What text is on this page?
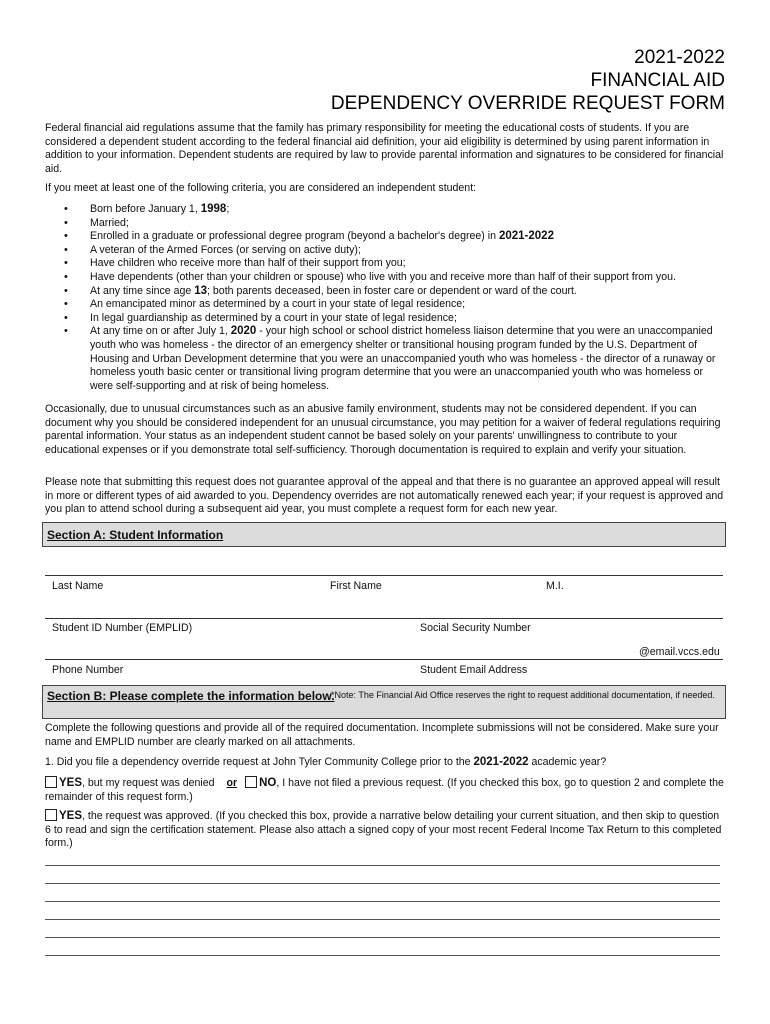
2021-2022
FINANCIAL AID
DEPENDENCY OVERRIDE REQUEST FORM

Federal financial aid regulations assume that the family has primary responsibility for meeting the educational costs of students. If you are considered a dependent student according to the federal financial aid definition, your aid eligibility is determined by using parent information in addition to your information. Dependent students are required by law to provide parental information and signatures to be considered for financial aid.

If you meet at least one of the following criteria, you are considered an independent student:

• Born before January 1, 1998;
• Married;
• Enrolled in a graduate or professional degree program (beyond a bachelor's degree) in 2021-2022
• A veteran of the Armed Forces (or serving on active duty);
• Have children who receive more than half of their support from you;
• Have dependents (other than your children or spouse) who live with you and receive more than half of their support from you.
• At any time since age 13; both parents deceased, been in foster care or dependent or ward of the court.
• An emancipated minor as determined by a court in your state of legal residence;
• In legal guardianship as determined by a court in your state of legal residence;
• At any time on or after July 1, 2020 - your high school or school district homeless liaison determine that you were an unaccompanied youth who was homeless - the director of an emergency shelter or transitional housing program funded by the U.S. Department of Housing and Urban Development determine that you were an unaccompanied youth who was homeless - the director of a runaway or homeless youth basic center or transitional living program determine that you were an unaccompanied youth who was homeless or were self-supporting and at risk of being homeless.

Occasionally, due to unusual circumstances such as an abusive family environment, students may not be considered dependent. If you can document why you should be considered independent for an unusual circumstance, you may petition for a waiver of federal regulations requiring parental information. Your status as an independent student cannot be based solely on your parents' unwillingness to contribute to your educational expenses or if you demonstrate total self-sufficiency. Thorough documentation is required to explain and verify your situation.

Please note that submitting this request does not guarantee approval of the appeal and that there is no guarantee an approved appeal will result in more or different types of aid awarded to you. Dependency overrides are not automatically renewed each year; if your request is approved and you plan to attend school during a subsequent aid year, you must complete a request form for each new year.

Section A: Student Information
Last Name	First Name	M.I.
Student ID Number (EMPLID)	Social Security Number
@email.vccs.edu
Phone Number	Student Email Address
Section B: Please complete the information below.
*Note: The Financial Aid Office reserves the right to request additional documentation, if needed.

Complete the following questions and provide all of the required documentation. Incomplete submissions will not be considered. Make sure your name and EMPLID number are clearly marked on all attachments.

1. Did you file a dependency override request at John Tyler Community College prior to the 2021-2022 academic year?

YES, but my request was denied or NO, I have not filed a previous request. (If you checked this box, go to question 2 and complete the remainder of this request form.)

YES, the request was approved. (If you checked this box, provide a narrative below detailing your current situation, and then skip to question 6 to read and sign the certification statement. Please also attach a signed copy of your most recent Federal Income Tax Return to this completed form.)
